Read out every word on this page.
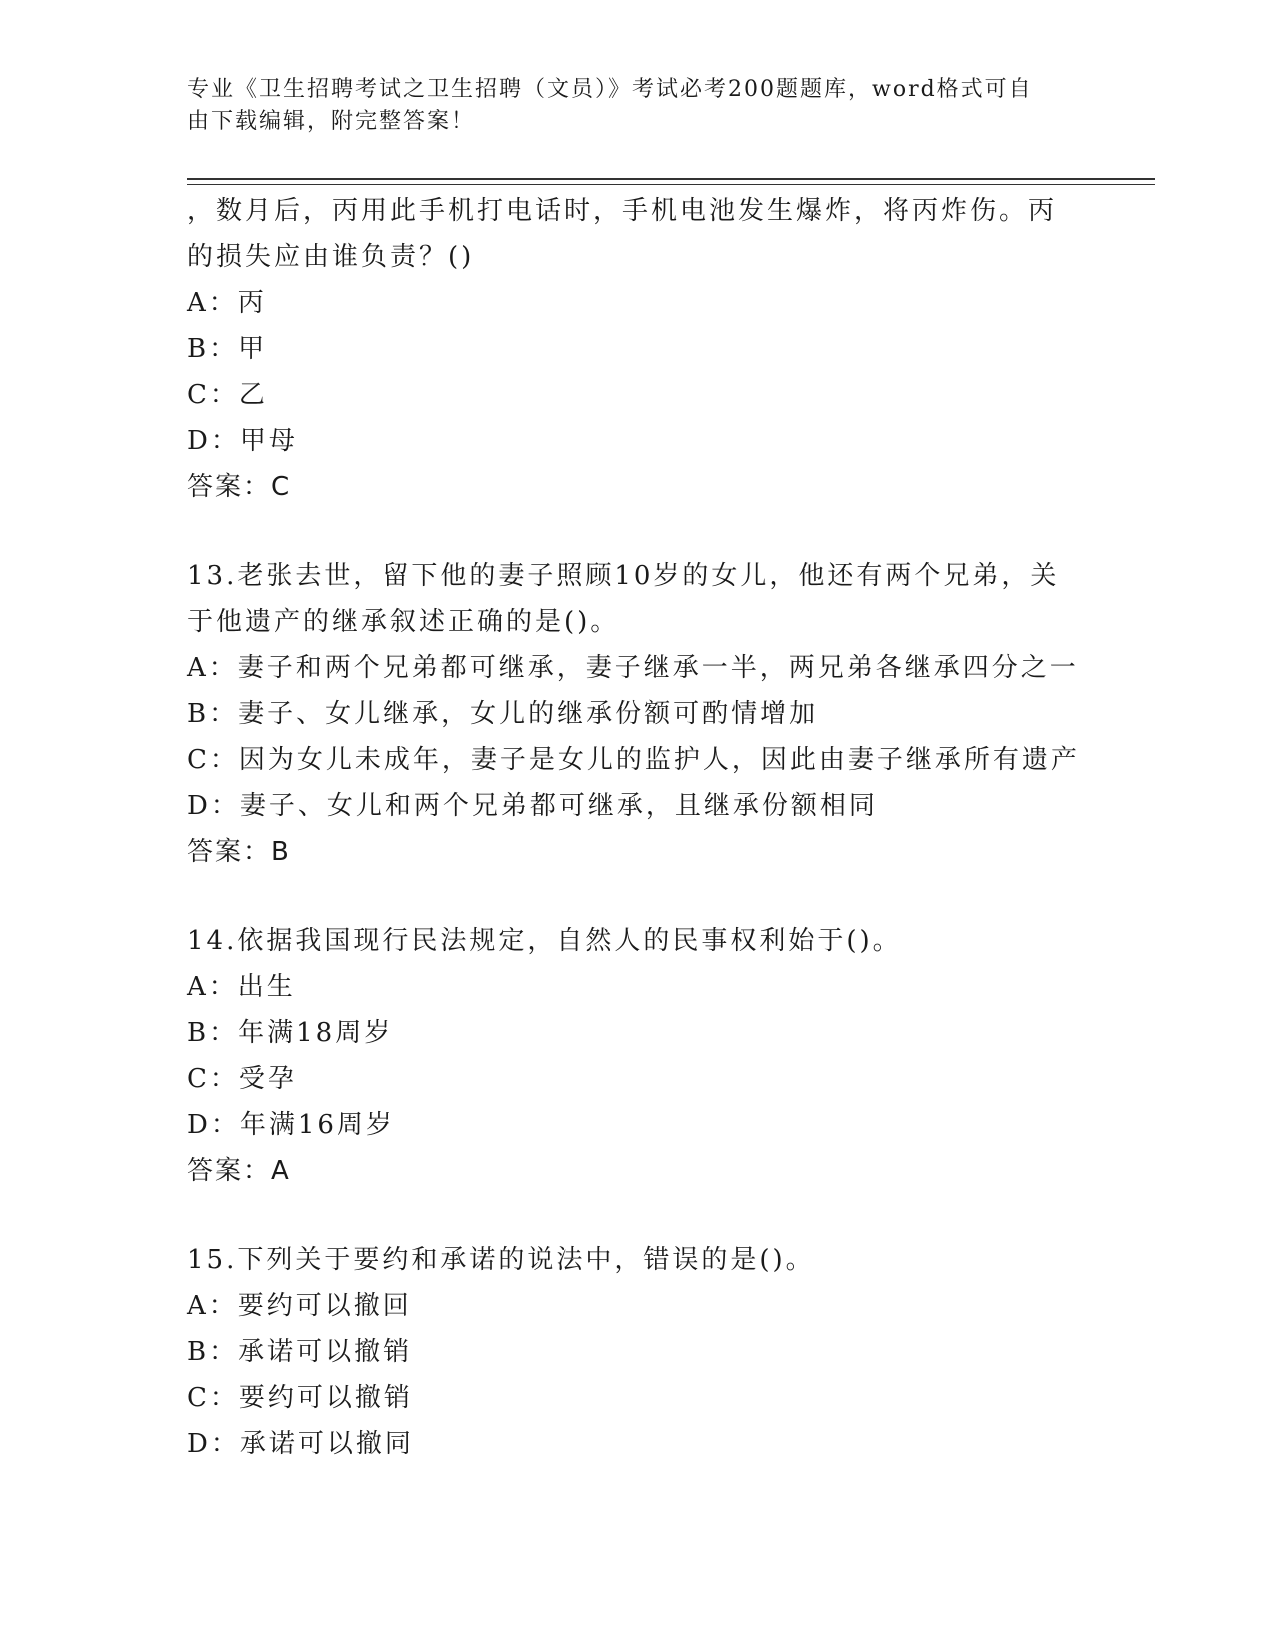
专业《卫生招聘考试之卫生招聘（文员）》考试必考200题题库，word格式可自
由下载编辑，附完整答案！
，数月后，丙用此手机打电话时，手机电池发生爆炸，将丙炸伤。丙
的损失应由谁负责？()
A：丙
B：甲
C：乙
D：甲母
答案：C
13.老张去世，留下他的妻子照顾10岁的女儿，他还有两个兄弟，关
于他遗产的继承叙述正确的是()。
A：妻子和两个兄弟都可继承，妻子继承一半，两兄弟各继承四分之一
B：妻子、女儿继承，女儿的继承份额可酌情增加
C：因为女儿未成年，妻子是女儿的监护人，因此由妻子继承所有遗产
D：妻子、女儿和两个兄弟都可继承，且继承份额相同
答案：B
14.依据我国现行民法规定，自然人的民事权利始于()。
A：出生
B：年满18周岁
C：受孕
D：年满16周岁
答案：A
15.下列关于要约和承诺的说法中，错误的是()。
A：要约可以撤回
B：承诺可以撤销
C：要约可以撤销
D：承诺可以撤同
